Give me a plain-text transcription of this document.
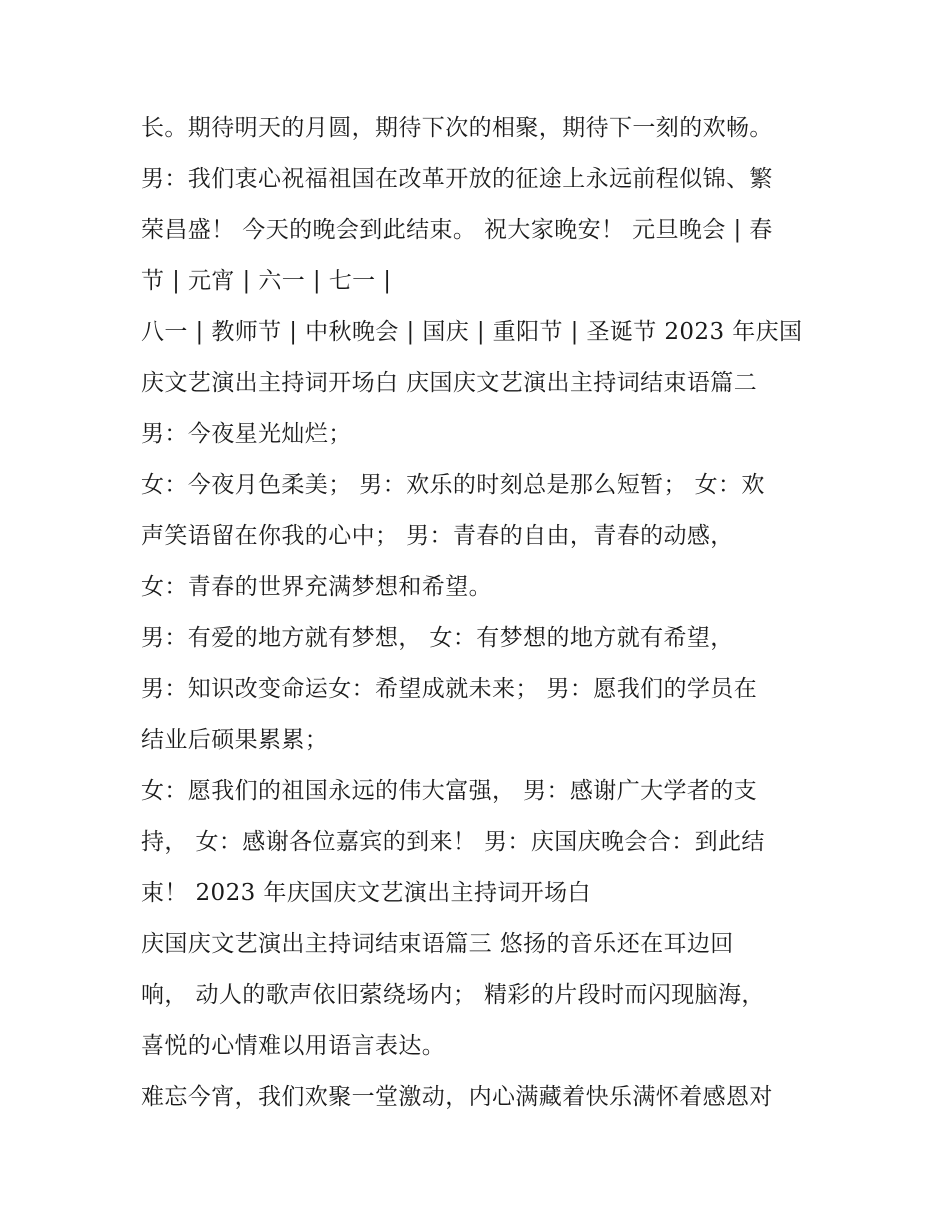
长。期待明天的月圆，期待下次的相聚，期待下一刻的欢畅。
男：我们衷心祝福祖国在改革开放的征途上永远前程似锦、繁
荣昌盛！ 今天的晚会到此结束。 祝大家晚安！ 元旦晚会 | 春
节 | 元宵 | 六一 | 七一 |
八一 | 教师节 | 中秋晚会 | 国庆 | 重阳节 | 圣诞节 2023 年庆国
庆文艺演出主持词开场白 庆国庆文艺演出主持词结束语篇二
男：今夜星光灿烂；
女：今夜月色柔美； 男：欢乐的时刻总是那么短暂； 女：欢
声笑语留在你我的心中； 男：青春的自由，青春的动感，
女：青春的世界充满梦想和希望。
男：有爱的地方就有梦想， 女：有梦想的地方就有希望，
男：知识改变命运女：希望成就未来； 男：愿我们的学员在
结业后硕果累累；
女：愿我们的祖国永远的伟大富强， 男：感谢广大学者的支
持， 女：感谢各位嘉宾的到来！ 男：庆国庆晚会合：到此结
束！ 2023 年庆国庆文艺演出主持词开场白
庆国庆文艺演出主持词结束语篇三 悠扬的音乐还在耳边回
响， 动人的歌声依旧萦绕场内； 精彩的片段时而闪现脑海，
喜悦的心情难以用语言表达。
难忘今宵，我们欢聚一堂激动，内心满藏着快乐满怀着感恩对
